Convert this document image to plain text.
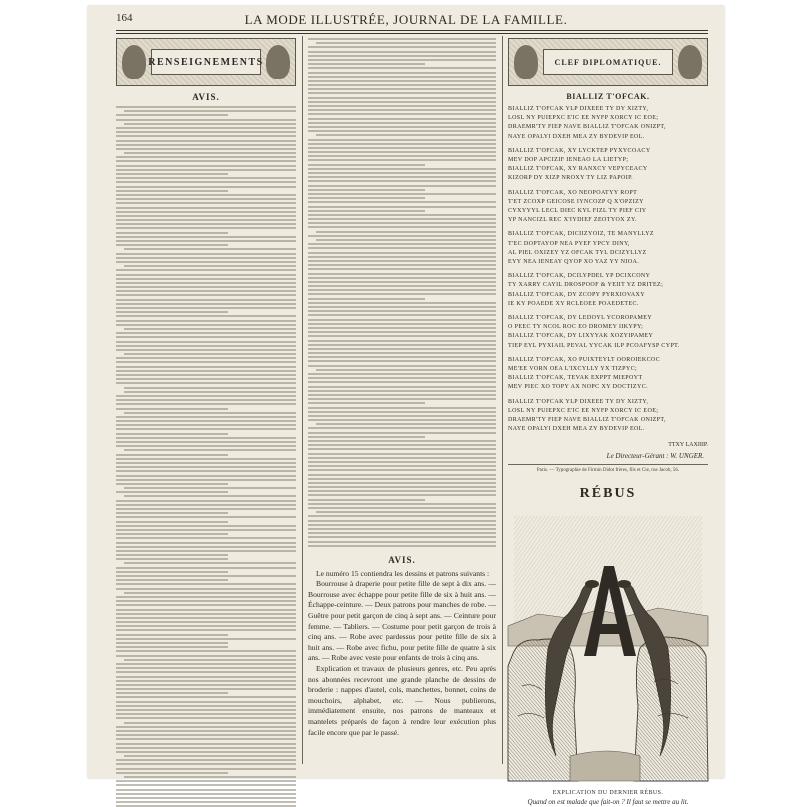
164	LA MODE ILLUSTRÉE, JOURNAL DE LA FAMILLE.
RENSEIGNEMENTS
AVIS.
AVIS.

Le numéro 15 contiendra les dessins et patrons suivants :

Bourrouse à draperie pour petite fille de sept à dix ans. — Bourrouse avec échappe pour petite fille de six à huit ans. — Échappe-ceinture. — Deux patrons pour manches de robe. — Guêtre pour petit garçon de cinq à sept ans. — Ceinture pour femme. — Tabliers. — Costume pour petit garçon de trois à cinq ans. — Robe avec pardessus pour petite fille de six à huit ans. — Robe avec fichu, pour petite fille de quatre à six ans. — Robe avec veste pour enfants de trois à cinq ans.

Explication et travaux de plusieurs genres, etc. Peu après nos abonnées recevront une grande planche de dessins de broderie : nappes d'autel, cols, manchettes, bonnet, coins de mouchoirs, alphabet, etc. — Nous publierons, immédiatement ensuite, nos patrons de manteaux et mantelets préparés de façon à rendre leur exécution plus facile encore que par le passé.

CLEF DIPLOMATIQUE.
BIALLIZ T'OFCAK.
BIALLIZ T'OFCAK YLP DIXEEE TY DY XIZTY,
LOSL NY PUIEPXC E'IC EE NYFP XORCY IC EOE;
DRAEMR'TY FIEP NAVE BIALLIZ T'OFCAK ONIZPT,
NAYE OPALYI DXEH MEA ZY BYDEVIP EOL.
BIALLIZ T'OFCAK, XY LYCKTEP PYXYCOACY
MEV DOP APCIZIF IENEAO LA LIETYP;
BIALLIZ T'OFCAK, XY RANXCY VEPYCEACY
KIZORP DY XIZP NROXY TY LIZ PAPOIP.
BIALLIZ T'OFCAK, XO NEOPOATYY ROPT
T'ET ZCOXP GEICOSE IYNCOZP Q X'OPZIZY
CYXYYYL LECL DIEC KYL FIZL TY PIEF CIY
YP NANCIZL REC X'IYDIEF ZEOTYOX ZY.
BIALLIZ T'OFCAK, DICIIZYOIZ, TE MANYLLYZ
T'EC DOPTAYOP NEA PYEF YPCY DINY,
AL PIEL OXIZEY YZ OFCAK TYL DCIZYLLYZ
EYY NEA IENEAY QYOP XO YAZ YY NIOA.
BIALLIZ T'OFCAK, DCILYPDEL YP DCIXCONY
TY XARRY CAYIL DROSPOOF & YEIIT YZ DRITEZ;
BIALLIZ T'OFCAK, DY ZCOPY PYRXIOVAXY
IE KY POAEDE XY RCLEOEE POAEDETEC.
BIALLIZ T'OFCAK, DY LEDOYL YCOROPAMEY
O PEEC TY NCOL ROC EO DROMEY IIKYPY;
BIALLIZ T'OFCAK, DY LIXYYAK XOZYIPAMEY
TIEP EYL PYXIAIL PEVAL YYCAK ILP PCOAFYSP CYPT.
BIALLIZ T'OFCAK, XO PUIXTEYLT OOROIEKCOC
ME'EE VORN OEA L'IXCYLLY YX TIZPYC;
BIALLIZ T'OFCAK, TEVAK EXPPT MIEPOYT
MEV PIEC XO TOPY AX NOPC XY DOCTIZYC.
BIALLIZ T'OFCAK YLP DIXEEE TY DY XIZTY,
LOSL NY PUIEPXC E'IC EE NYFP XORCY IC EOE;
DRAEMR'TY FIEP NAVE BIALLIZ T'OFCAK ONIZPT,
NAYE OPALYI DXEH MEA ZY BYDEVIP EOL.
TTXY LAXIIIP.
Le Directeur-Gérant : W. UNGER.
Paris. — Typographie de Firmin Didot frères, fils et Cie, rue Jacob, 56.
RÉBUS
EXPLICATION DU DERNIER RÉBUS.
Quand on est malade que fait-on ? Il faut se mettre au lit.
